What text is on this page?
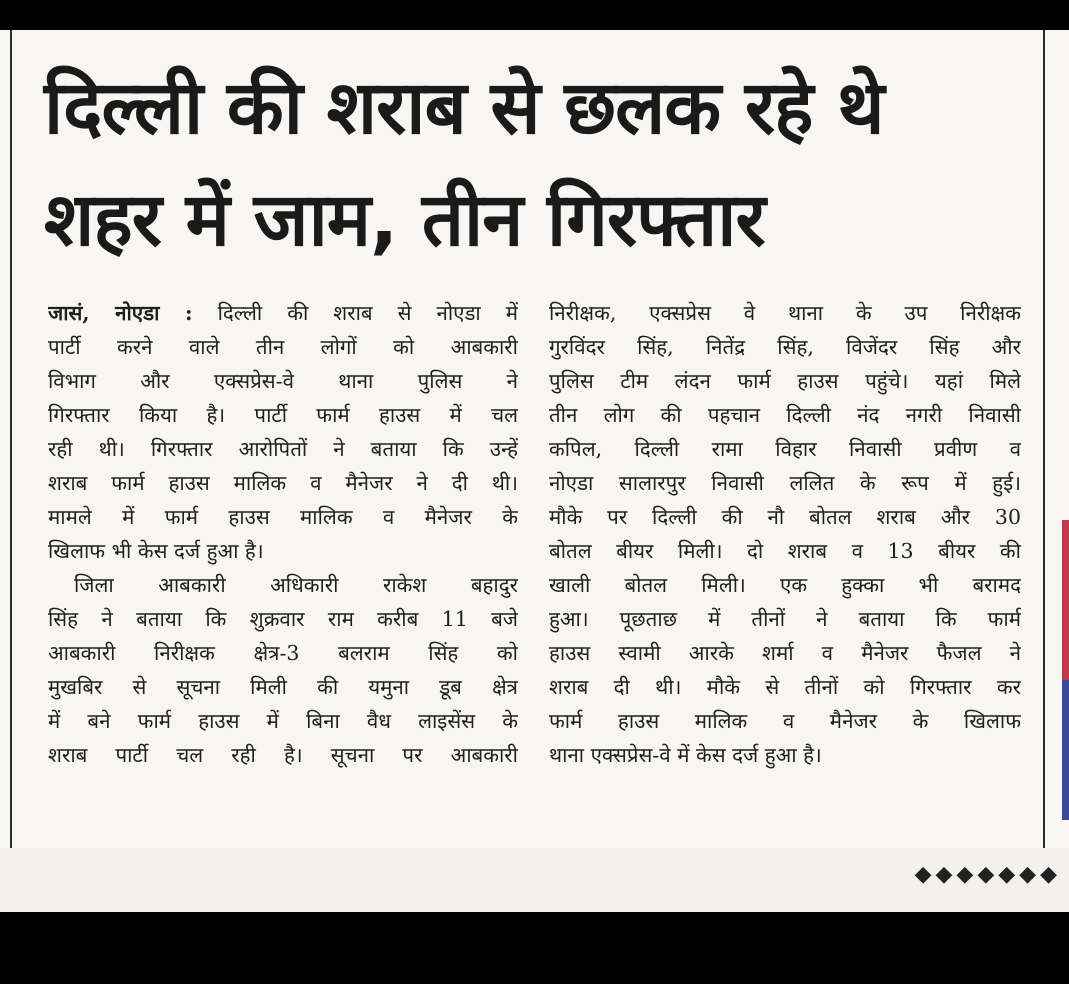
दिल्ली की शराब से छलक रहे थे
शहर में जाम, तीन गिरफ्तार

जासं, नोएडा : दिल्ली की शराब से नोएडा में

पार्टी करने वाले तीन लोगों को आबकारी

विभाग और एक्सप्रेस-वे थाना पुलिस ने

गिरफ्तार किया है। पार्टी फार्म हाउस में चल

रही थी। गिरफ्तार आरोपितों ने बताया कि उन्हें

शराब फार्म हाउस मालिक व मैनेजर ने दी थी।

मामले में फार्म हाउस मालिक व मैनेजर के

खिलाफ भी केस दर्ज हुआ है।

जिला आबकारी अधिकारी राकेश बहादुर

सिंह ने बताया कि शुक्रवार राम करीब 11 बजे

आबकारी निरीक्षक क्षेत्र-3 बलराम सिंह को

मुखबिर से सूचना मिली की यमुना डूब क्षेत्र

में बने फार्म हाउस में बिना वैध लाइसेंस के

शराब पार्टी चल रही है। सूचना पर आबकारी

निरीक्षक, एक्सप्रेस वे थाना के उप निरीक्षक

गुरविंदर सिंह, नितेंद्र सिंह, विजेंदर सिंह और

पुलिस टीम लंदन फार्म हाउस पहुंचे। यहां मिले

तीन लोग की पहचान दिल्ली नंद नगरी निवासी

कपिल, दिल्ली रामा विहार निवासी प्रवीण व

नोएडा सालारपुर निवासी ललित के रूप में हुई।

मौके पर दिल्ली की नौ बोतल शराब और 30

बोतल बीयर मिली। दो शराब व 13 बीयर की

खाली बोतल मिली। एक हुक्का भी बरामद

हुआ। पूछताछ में तीनों ने बताया कि फार्म

हाउस स्वामी आरके शर्मा व मैनेजर फैजल ने

शराब दी थी। मौके से तीनों को गिरफ्तार कर

फार्म हाउस मालिक व मैनेजर के खिलाफ

थाना एक्सप्रेस-वे में केस दर्ज हुआ है।

◆◆◆◆◆◆◆
